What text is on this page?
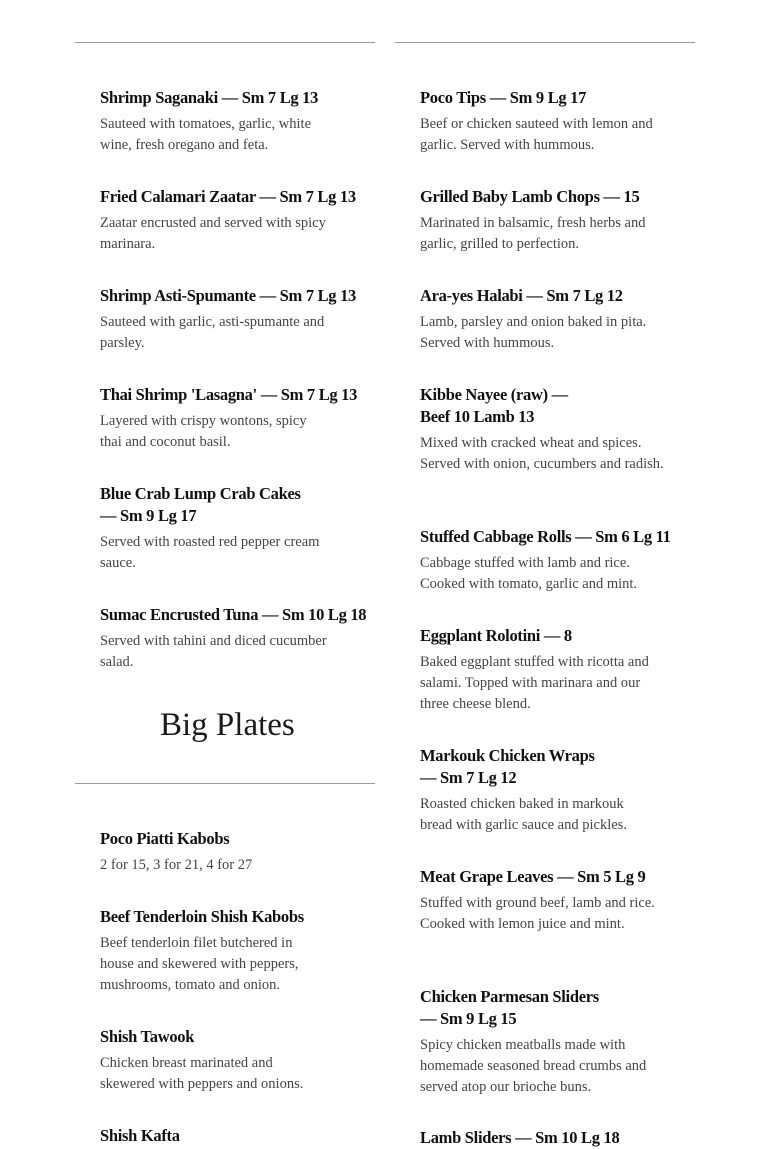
Shrimp Saganaki — Sm 7 Lg 13
Sauteed with tomatoes, garlic, white wine, fresh oregano and feta.
Fried Calamari Zaatar — Sm 7 Lg 13
Zaatar encrusted and served with spicy marinara.
Shrimp Asti-Spumante — Sm 7 Lg 13
Sauteed with garlic, asti-spumante and parsley.
Thai Shrimp 'Lasagna' — Sm 7 Lg 13
Layered with crispy wontons, spicy thai and coconut basil.
Blue Crab Lump Crab Cakes — Sm 9 Lg 17
Served with roasted red pepper cream sauce.
Sumac Encrusted Tuna — Sm 10 Lg 18
Served with tahini and diced cucumber salad.
Big Plates
Poco Piatti Kabobs
2 for 15, 3 for 21, 4 for 27
Beef Tenderloin Shish Kabobs
Beef tenderloin filet butchered in house and skewered with peppers, mushrooms, tomato and onion.
Shish Tawook
Chicken breast marinated and skewered with peppers and onions.
Shish Kafta
Poco Tips — Sm 9 Lg 17
Beef or chicken sauteed with lemon and garlic. Served with hummous.
Grilled Baby Lamb Chops — 15
Marinated in balsamic, fresh herbs and garlic, grilled to perfection.
Ara-yes Halabi — Sm 7 Lg 12
Lamb, parsley and onion baked in pita. Served with hummous.
Kibbe Nayee (raw) — Beef 10 Lamb 13
Mixed with cracked wheat and spices. Served with onion, cucumbers and radish.
Stuffed Cabbage Rolls — Sm 6 Lg 11
Cabbage stuffed with lamb and rice. Cooked with tomato, garlic and mint.
Eggplant Rolotini — 8
Baked eggplant stuffed with ricotta and salami. Topped with marinara and our three cheese blend.
Markouk Chicken Wraps — Sm 7 Lg 12
Roasted chicken baked in markouk bread with garlic sauce and pickles.
Meat Grape Leaves — Sm 5 Lg 9
Stuffed with ground beef, lamb and rice. Cooked with lemon juice and mint.
Chicken Parmesan Sliders — Sm 9 Lg 15
Spicy chicken meatballs made with homemade seasoned bread crumbs and served atop our brioche buns.
Lamb Sliders — Sm 10 Lg 18
